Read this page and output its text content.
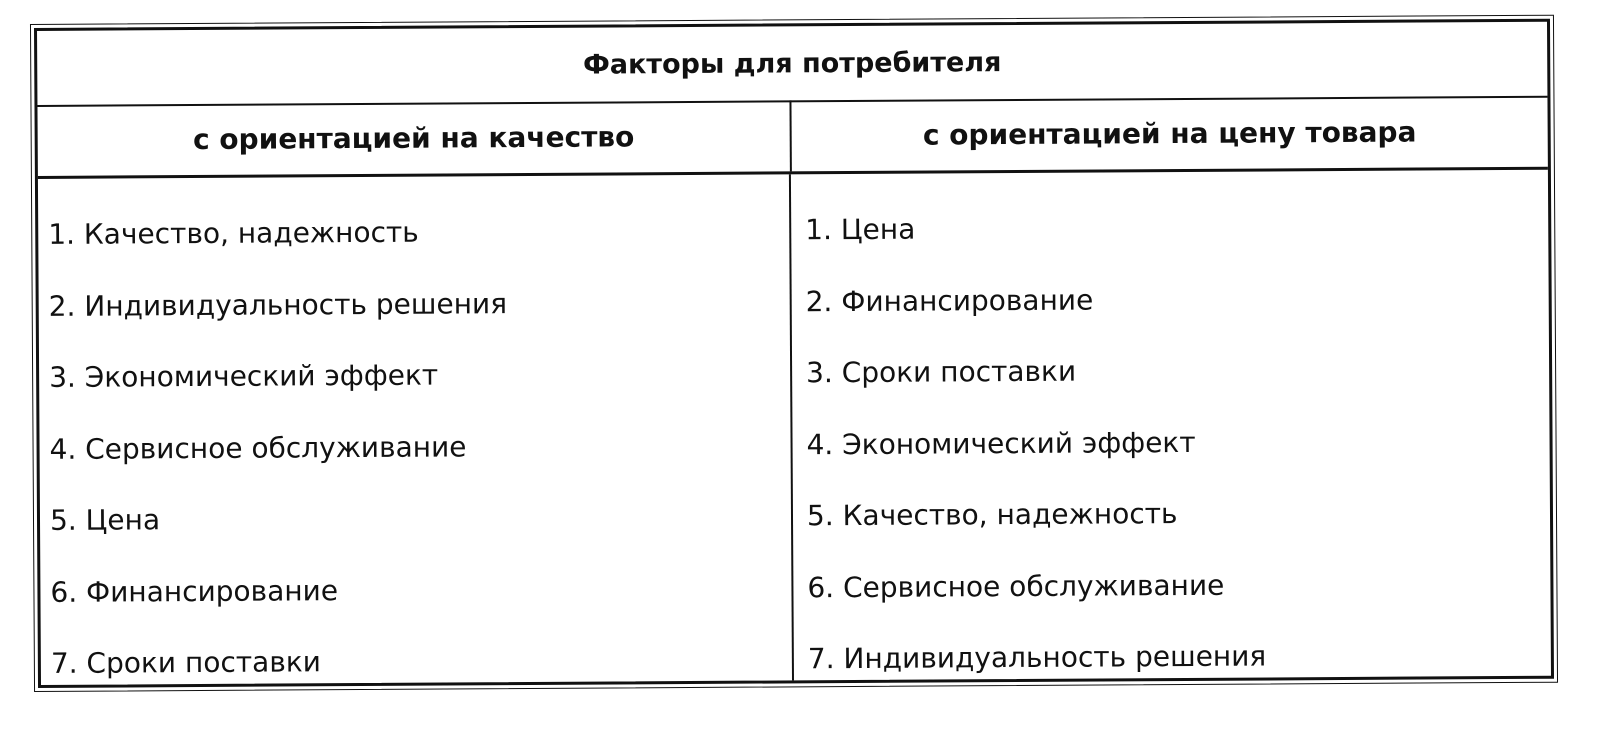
Факторы для потребителя
с ориентацией на качество	с ориентацией на цену товара
1. Качество, надежность
2. Индивидуальность решения
3. Экономический эффект
4. Сервисное обслуживание
5. Цена
6. Финансирование
7. Сроки поставки
1. Цена
2. Финансирование
3. Сроки поставки
4. Экономический эффект
5. Качество, надежность
6. Сервисное обслуживание
7. Индивидуальность решения
